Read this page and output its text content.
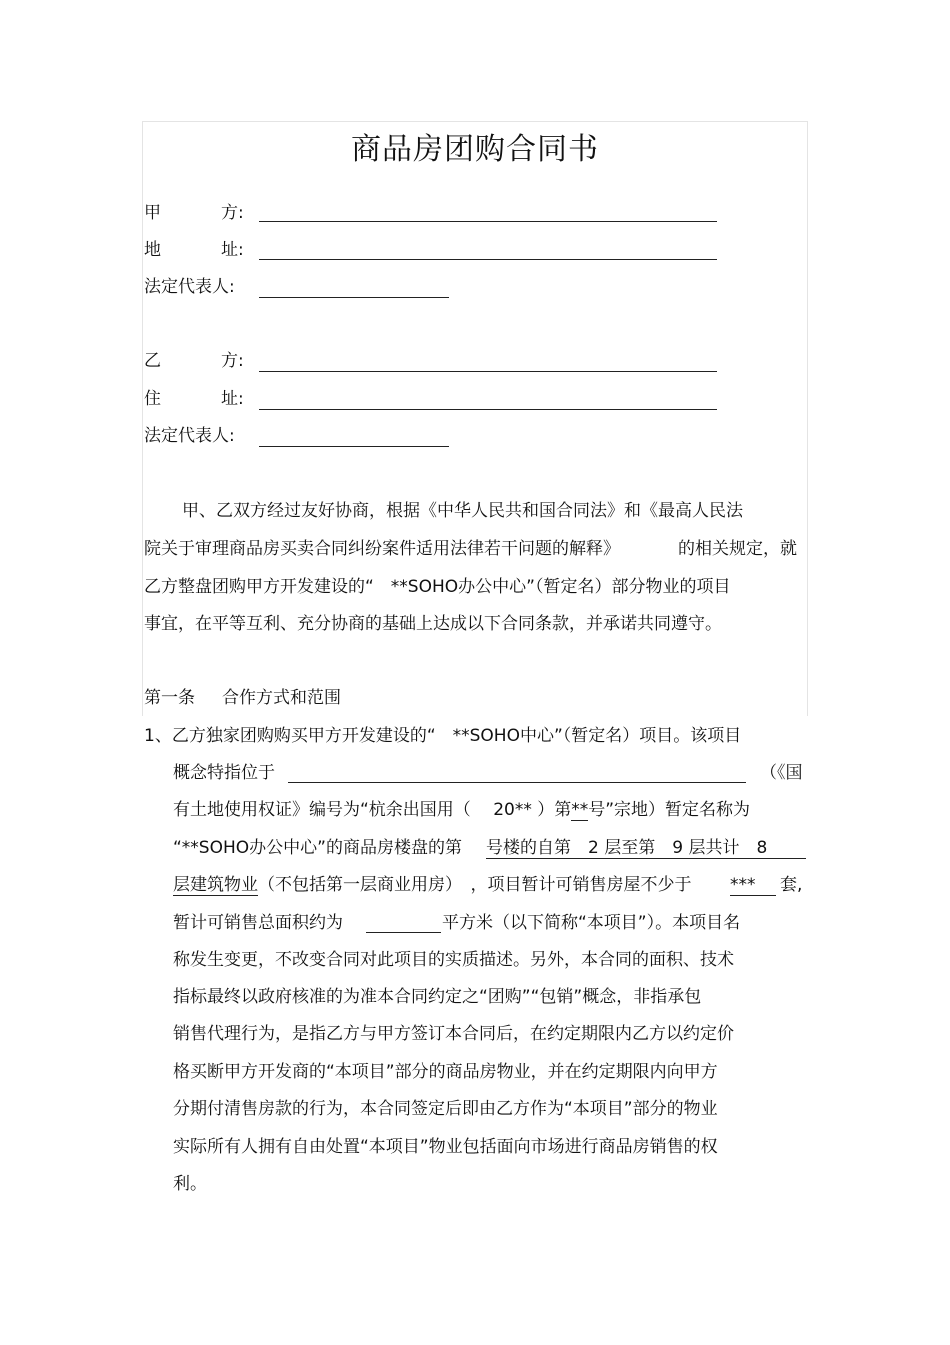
商品房团购合同书
甲	方:
地	址:
法定代表人:
乙	方:
住	址:
法定代表人:
甲、乙双方经过友好协商，根据《中华人民共和国合同法》和《最高人民法
院关于审理商品房买卖合同纠纷案件适用法律若干问题的解释》	的相关规定，就
乙方整盘团购甲方开发建设的“　**SOHO办公中心”（暂定名）部分物业的项目
事宜，在平等互利、充分协商的基础上达成以下合同条款，并承诺共同遵守。
第一条 合作方式和范围
1、乙方独家团购购买甲方开发建设的“　**SOHO中心”（暂定名）项目。该项目
概念特指位于	（《国
有土地使用权证》编号为“杭余出国用（　 20** ）第**号”宗地）暂定名称为
“**SOHO办公中心”的商品房楼盘的第 号楼的自第　2 层至第　9 层共计　8
层建筑物业（不包括第一层商业用房）　，项目暂计可销售房屋不少于 ***	套,
暂计可销售总面积约为	平方米（以下简称“本项目”）。本项目名
称发生变更，不改变合同对此项目的实质描述。另外，本合同的面积、技术
指标最终以政府核准的为准本合同约定之“团购”“包销”概念，非指承包
销售代理行为，是指乙方与甲方签订本合同后，在约定期限内乙方以约定价
格买断甲方开发商的“本项目”部分的商品房物业，并在约定期限内向甲方
分期付清售房款的行为，本合同签定后即由乙方作为“本项目”部分的物业
实际所有人拥有自由处置“本项目”物业包括面向市场进行商品房销售的权
利。
